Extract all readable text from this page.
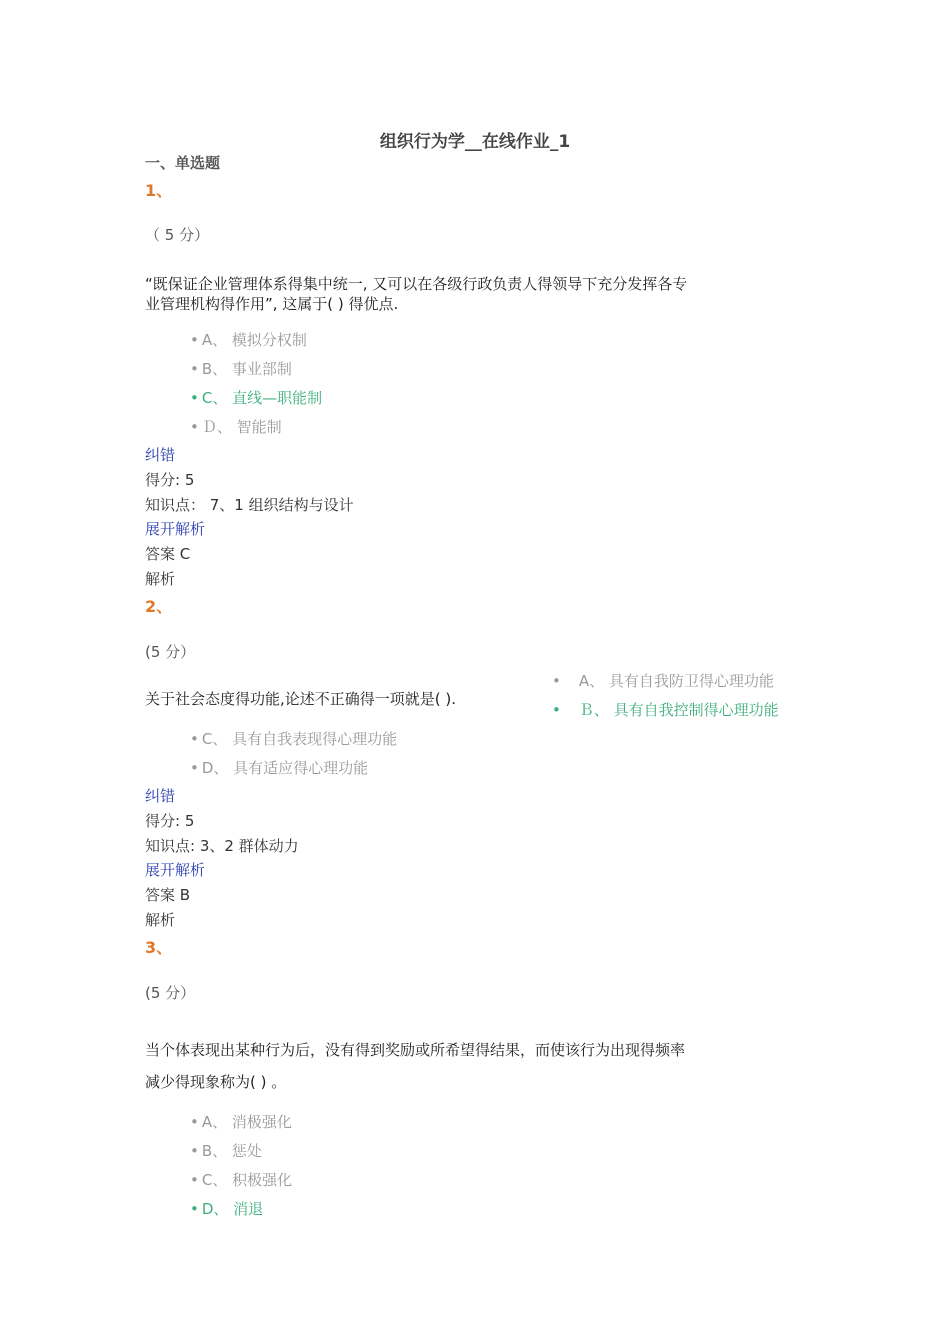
组织行为学__在线作业_1
一、单选题
1、
（ 5 分）
“既保证企业管理体系得集中统一, 又可以在各级行政负责人得领导下充分发挥各专
业管理机构得作用”, 这属于( ) 得优点.
• A、 模拟分权制
• B、 事业部制
• C、 直线—职能制
• Ｄ、 智能制
纠错
得分: 5
知识点： 7、1 组织结构与设计
展开解析
答案 C
解析
2、
(5 分）
关于社会态度得功能,论述不正确得一项就是( ).
• A、 具有自我防卫得心理功能
• Ｂ、 具有自我控制得心理功能
• C、 具有自我表现得心理功能
• D、 具有适应得心理功能
纠错
得分: 5
知识点: 3、2 群体动力
展开解析
答案 B
解析
3、
(5 分）
当个体表现出某种行为后，没有得到奖励或所希望得结果，而使该行为出现得频率
减少得现象称为( ) 。
• A、 消极强化
• B、 惩处
• C、 积极强化
• D、 消退
